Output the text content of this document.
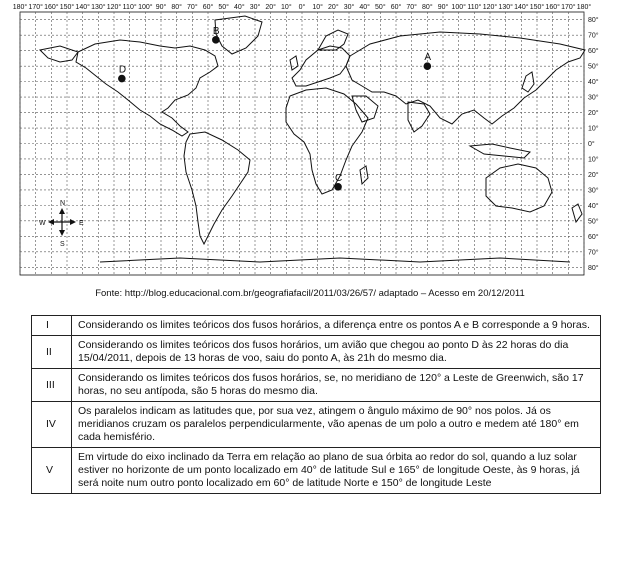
180° 170° 160° 150° 140° 130° 120° 110° 100° 90° 80° 70° 60° 50° 40° 30° 20° 10° 0° 10° 20° 30° 40° 50° 60° 70° 80° 90° 100° 110° 120° 130° 140° 150° 160° 170° 180°
80°
70°
60°
50°
40°
30°
20°
10°
0°
10°
20°
30°
40°
50°
60°
70°
80°
A
B
C
D
N
S
W	E
Fonte: http://blog.educacional.com.br/geografiafacil/2011/03/26/57/ adaptado – Acesso em 20/12/2011
I	Considerando os limites teóricos dos fusos horários, a diferença entre os pontos A e B corresponde a 9 horas.
II	Considerando os limites teóricos dos fusos horários, um avião que chegou ao ponto D às 22 horas do dia 15/04/2011, depois de 13 horas de voo, saiu do ponto A, às 21h do mesmo dia.
III	Considerando os limites teóricos dos fusos horários, se, no meridiano de 120° a Leste de Greenwich, são 17 horas, no seu antípoda, são 5 horas do mesmo dia.
IV	Os paralelos indicam as latitudes que, por sua vez, atingem o ângulo máximo de 90° nos polos. Já os meridianos cruzam os paralelos perpendicularmente, vão apenas de um polo a outro e medem até 180° em cada hemisfério.
V	Em virtude do eixo inclinado da Terra em relação ao plano de sua órbita ao redor do sol, quando a luz solar estiver no horizonte de um ponto localizado em 40° de latitude Sul e 165° de longitude Oeste, às 9 horas, já será noite num outro ponto localizado em 60° de latitude Norte e 150° de longitude Leste
